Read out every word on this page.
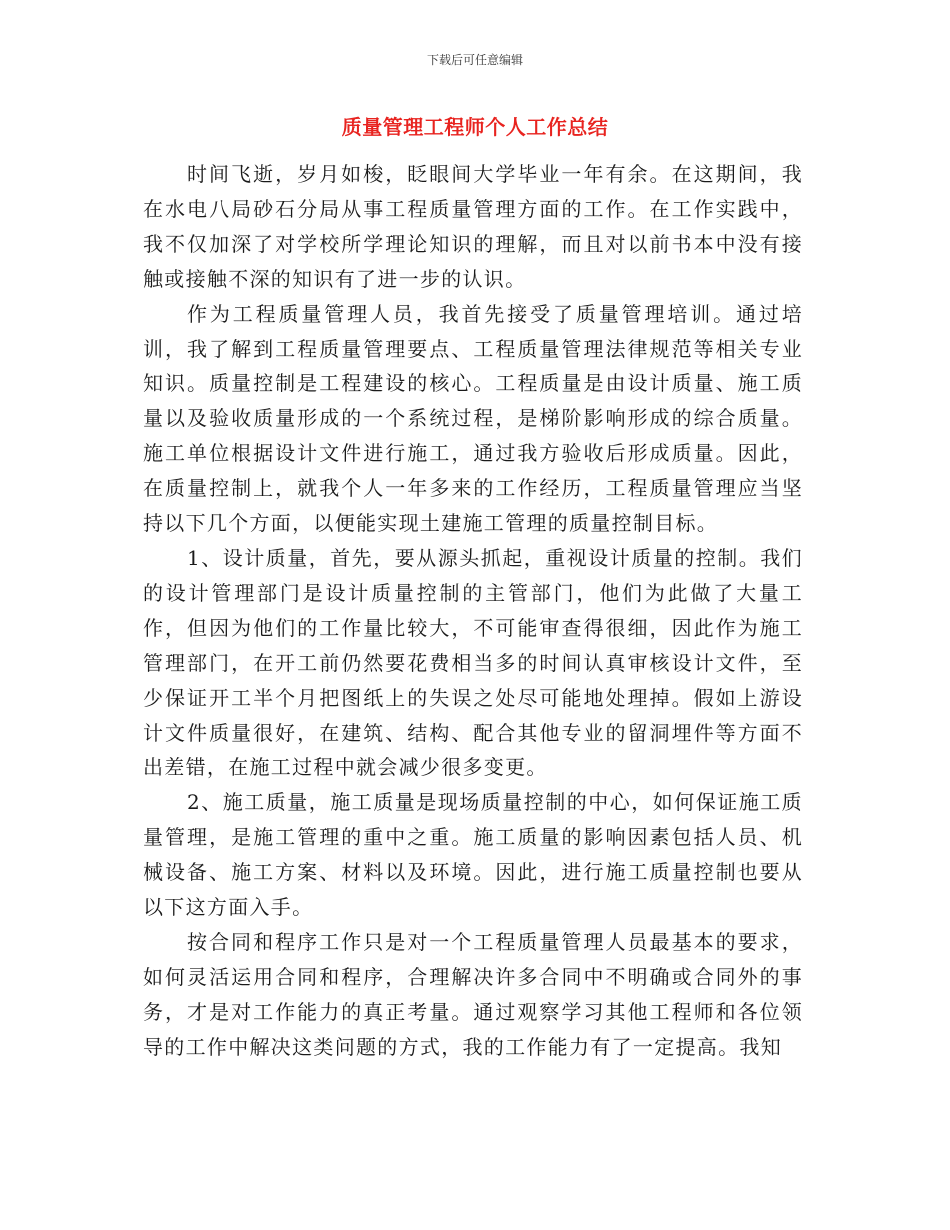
下载后可任意编辑
质量管理工程师个人工作总结

时间飞逝，岁月如梭，眨眼间大学毕业一年有余。在这期间，我在水电八局砂石分局从事工程质量管理方面的工作。在工作实践中，我不仅加深了对学校所学理论知识的理解，而且对以前书本中没有接触或接触不深的知识有了进一步的认识。

作为工程质量管理人员，我首先接受了质量管理培训。通过培训，我了解到工程质量管理要点、工程质量管理法律规范等相关专业知识。质量控制是工程建设的核心。工程质量是由设计质量、施工质量以及验收质量形成的一个系统过程，是梯阶影响形成的综合质量。施工单位根据设计文件进行施工，通过我方验收后形成质量。因此，在质量控制上，就我个人一年多来的工作经历，工程质量管理应当坚持以下几个方面，以便能实现土建施工管理的质量控制目标。

1、设计质量，首先，要从源头抓起，重视设计质量的控制。我们的设计管理部门是设计质量控制的主管部门，他们为此做了大量工作，但因为他们的工作量比较大，不可能审查得很细，因此作为施工管理部门，在开工前仍然要花费相当多的时间认真审核设计文件，至少保证开工半个月把图纸上的失误之处尽可能地处理掉。假如上游设计文件质量很好，在建筑、结构、配合其他专业的留洞埋件等方面不出差错，在施工过程中就会减少很多变更。

2、施工质量，施工质量是现场质量控制的中心，如何保证施工质量管理，是施工管理的重中之重。施工质量的影响因素包括人员、机械设备、施工方案、材料以及环境。因此，进行施工质量控制也要从以下这方面入手。

按合同和程序工作只是对一个工程质量管理人员最基本的要求，如何灵活运用合同和程序，合理解决许多合同中不明确或合同外的事务，才是对工作能力的真正考量。通过观察学习其他工程师和各位领导的工作中解决这类问题的方式，我的工作能力有了一定提高。我知
